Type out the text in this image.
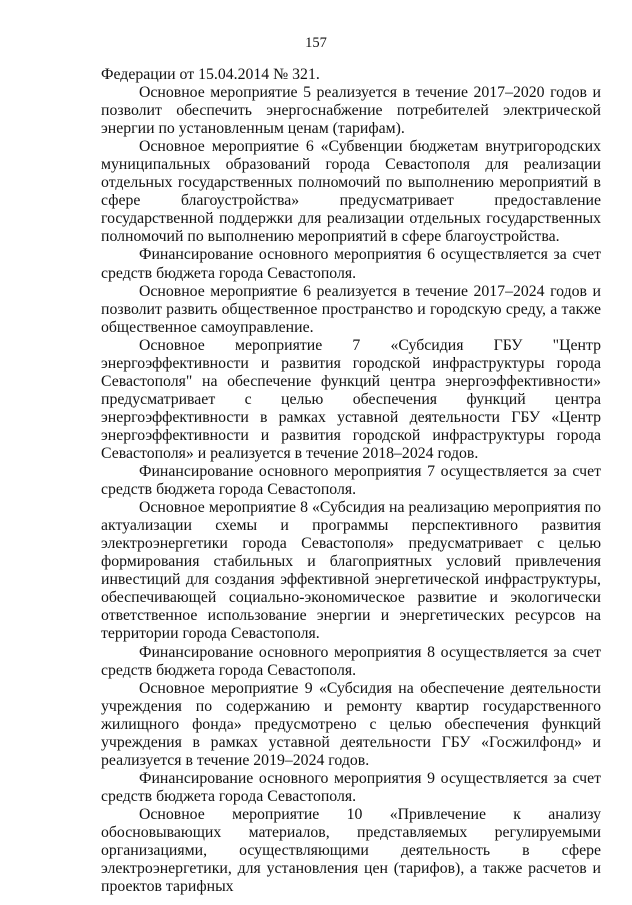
157

Федерации от 15.04.2014 № 321.

Основное мероприятие 5 реализуется в течение 2017–2020 годов и позволит обеспечить энергоснабжение потребителей электрической энергии по установленным ценам (тарифам).

Основное мероприятие 6 «Субвенции бюджетам внутригородских муниципальных образований города Севастополя для реализации отдельных государственных полномочий по выполнению мероприятий в сфере благоустройства» предусматривает предоставление государственной поддержки для реализации отдельных государственных полномочий по выполнению мероприятий в сфере благоустройства.

Финансирование основного мероприятия 6 осуществляется за счет средств бюджета города Севастополя.

Основное мероприятие 6 реализуется в течение 2017–2024 годов и позволит развить общественное пространство и городскую среду, а также общественное самоуправление.

Основное мероприятие 7 «Субсидия ГБУ "Центр энергоэффективности и развития городской инфраструктуры города Севастополя" на обеспечение функций центра энергоэффективности» предусматривает с целью обеспечения функций центра энергоэффективности в рамках уставной деятельности ГБУ «Центр энергоэффективности и развития городской инфраструктуры города Севастополя» и реализуется в течение 2018–2024 годов.

Финансирование основного мероприятия 7 осуществляется за счет средств бюджета города Севастополя.

Основное мероприятие 8 «Субсидия на реализацию мероприятия по актуализации схемы и программы перспективного развития электроэнергетики города Севастополя» предусматривает с целью формирования стабильных и благоприятных условий привлечения инвестиций для создания эффективной энергетической инфраструктуры, обеспечивающей социально-экономическое развитие и экологически ответственное использование энергии и энергетических ресурсов на территории города Севастополя.

Финансирование основного мероприятия 8 осуществляется за счет средств бюджета города Севастополя.

Основное мероприятие 9 «Субсидия на обеспечение деятельности учреждения по содержанию и ремонту квартир государственного жилищного фонда» предусмотрено с целью обеспечения функций учреждения в рамках уставной деятельности ГБУ «Госжилфонд» и реализуется в течение 2019–2024 годов.

Финансирование основного мероприятия 9 осуществляется за счет средств бюджета города Севастополя.

Основное мероприятие 10 «Привлечение к анализу обосновывающих материалов, представляемых регулируемыми организациями, осуществляющими деятельность в сфере электроэнергетики, для установления цен (тарифов), а также расчетов и проектов тарифных
